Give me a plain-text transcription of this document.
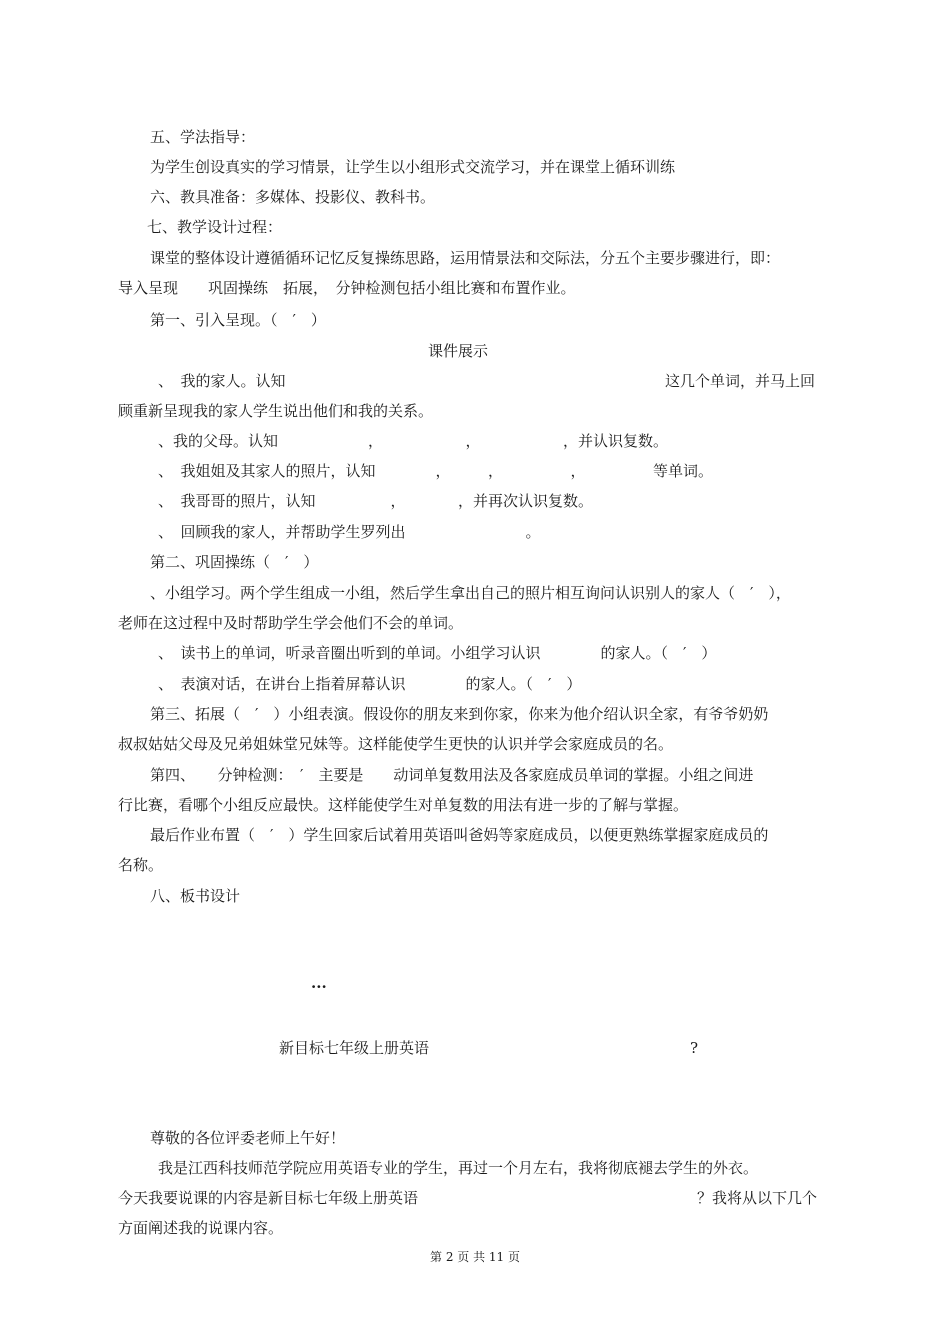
五、学法指导：
为学生创设真实的学习情景，让学生以小组形式交流学习，并在课堂上循环训练
六、教具准备：多媒体、投影仪、教科书。
七、教学设计过程：
课堂的整体设计遵循循环记忆反复操练思路，运用情景法和交际法，分五个主要步骤进行，即：
导入呈现　　巩固操练　拓展，　分钟检测包括小组比赛和布置作业。
第一、引入呈现。（　′　）
课件展示
、　我的家人。认知	这几个单词，并马上回
顾重新呈现我的家人学生说出他们和我的关系。
、我的父母。认知　　　　　　，　　　　　　，　　　　　　，并认识复数。
、　我姐姐及其家人的照片，认知　　　　，　　　，　　　　　，　　　　　等单词。
、　我哥哥的照片，认知　　　　　，　　　　，并再次认识复数。
、　回顾我的家人，并帮助学生罗列出　　　　　　　　。
第二、巩固操练（　′　）
、小组学习。两个学生组成一小组，然后学生拿出自己的照片相互询问认识别人的家人（　′　），
老师在这过程中及时帮助学生学会他们不会的单词。
、　读书上的单词，听录音圈出听到的单词。小组学习认识　　　　的家人。（　′　）
、　表演对话，在讲台上指着屏幕认识　　　　的家人。（　′　）
第三、拓展（　′　）小组表演。假设你的朋友来到你家，你来为他介绍认识全家，有爷爷奶奶
叔叔姑姑父母及兄弟姐妹堂兄妹等。这样能使学生更快的认识并学会家庭成员的名。
第四、　　分钟检测：　′　主要是　　动词单复数用法及各家庭成员单词的掌握。小组之间进
行比赛，看哪个小组反应最快。这样能使学生对单复数的用法有进一步的了解与掌握。
最后作业布置（　′　）学生回家后试着用英语叫爸妈等家庭成员，以便更熟练掌握家庭成员的
名称。
八、板书设计
...
新目标七年级上册英语	?
尊敬的各位评委老师上午好！
我是江西科技师范学院应用英语专业的学生，再过一个月左右，我将彻底褪去学生的外衣。
今天我要说课的内容是新目标七年级上册英语	？我将从以下几个
方面阐述我的说课内容。
第 2 页 共 11 页
